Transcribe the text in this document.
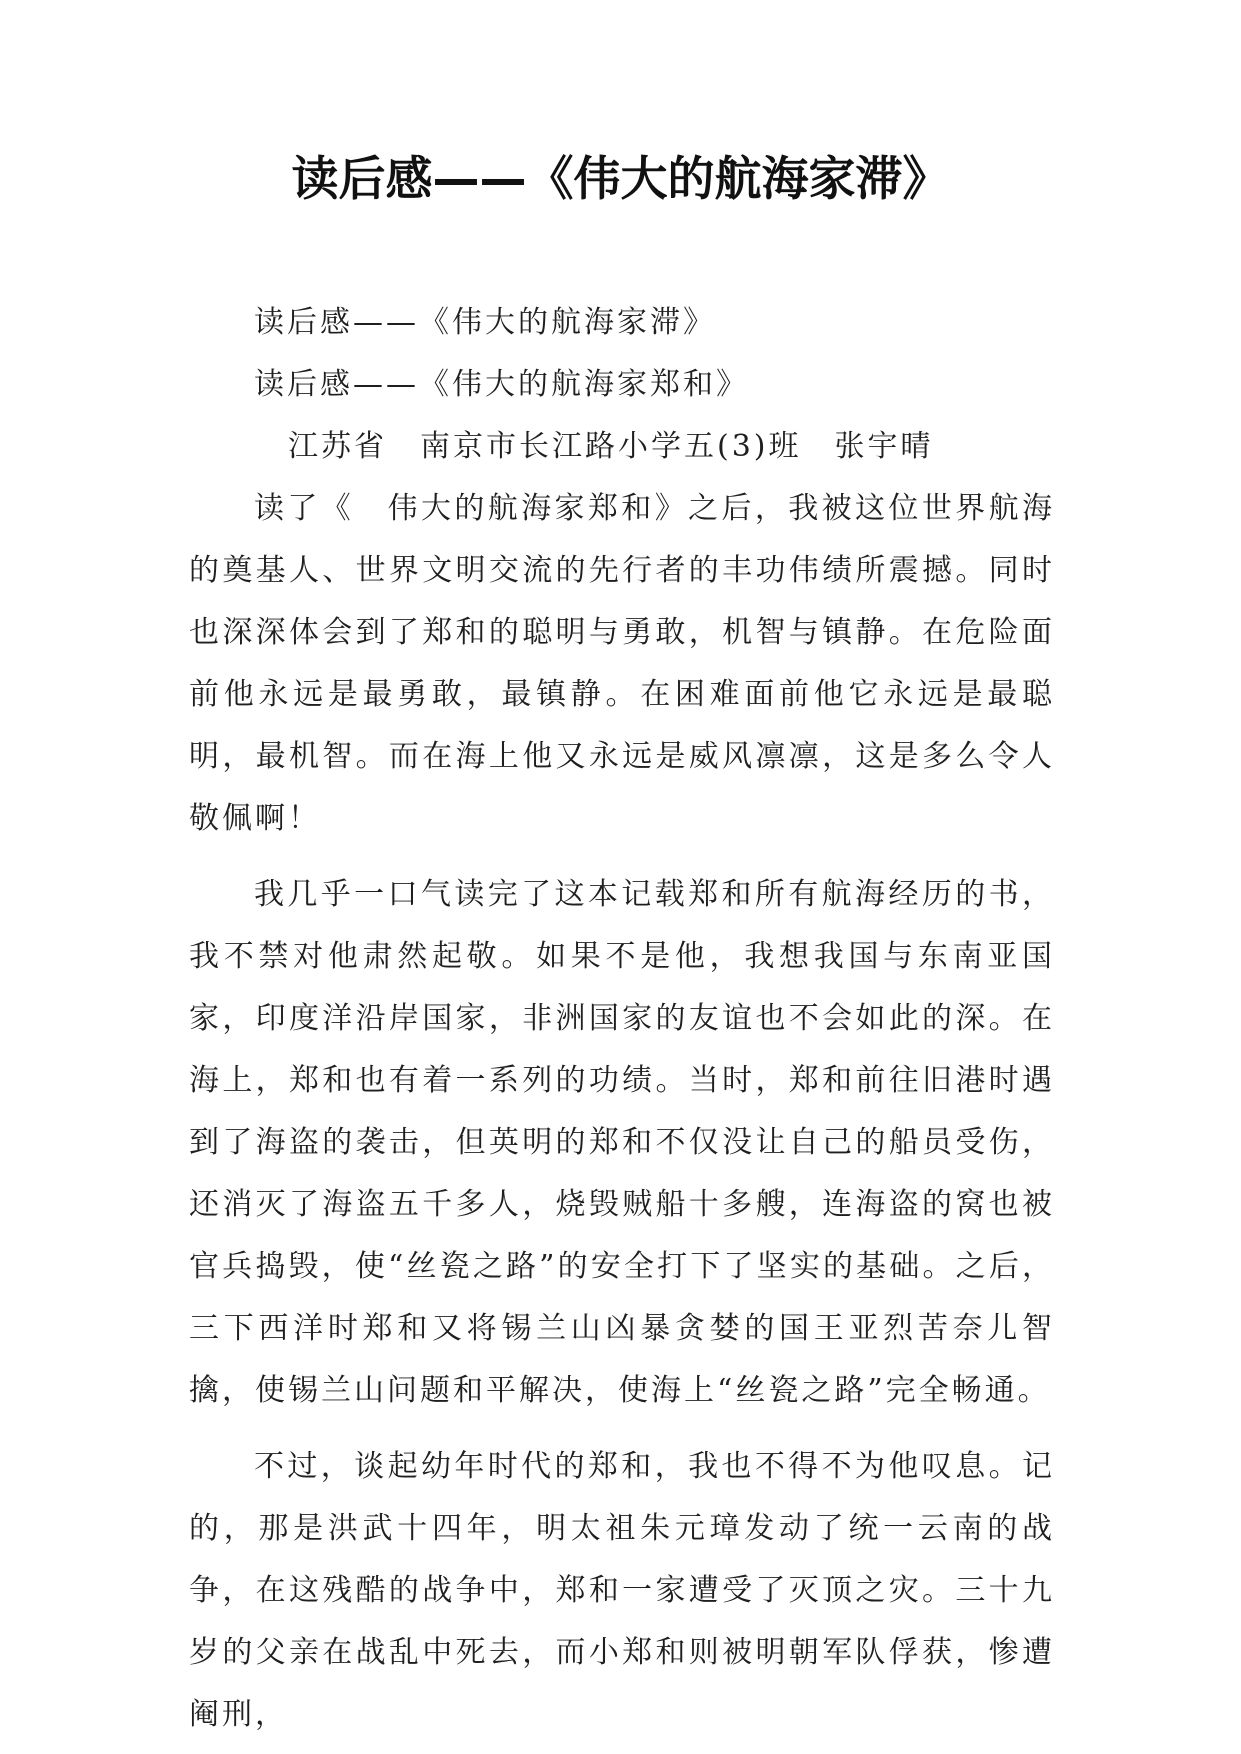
读后感——《伟大的航海家滞》
读后感——《伟大的航海家滞》
读后感——《伟大的航海家郑和》
江苏省　南京市长江路小学五(3)班　张宇晴

读了《　伟大的航海家郑和》之后，我被这位世界航海的奠基人、世界文明交流的先行者的丰功伟绩所震撼。同时也深深体会到了郑和的聪明与勇敢，机智与镇静。在危险面前他永远是最勇敢，最镇静。在困难面前他它永远是最聪明，最机智。而在海上他又永远是威风凛凛，这是多么令人敬佩啊！

我几乎一口气读完了这本记载郑和所有航海经历的书，我不禁对他肃然起敬。如果不是他，我想我国与东南亚国家，印度洋沿岸国家，非洲国家的友谊也不会如此的深。在海上，郑和也有着一系列的功绩。当时，郑和前往旧港时遇到了海盗的袭击，但英明的郑和不仅没让自己的船员受伤，还消灭了海盗五千多人，烧毁贼船十多艘，连海盗的窝也被官兵捣毁，使“丝瓷之路”的安全打下了坚实的基础。之后，三下西洋时郑和又将锡兰山凶暴贪婪的国王亚烈苦奈儿智擒，使锡兰山问题和平解决，使海上“丝瓷之路”完全畅通。

不过，谈起幼年时代的郑和，我也不得不为他叹息。记的，那是洪武十四年，明太祖朱元璋发动了统一云南的战争，在这残酷的战争中，郑和一家遭受了灭顶之灾。三十九岁的父亲在战乱中死去，而小郑和则被明朝军队俘获，惨遭阉刑，
